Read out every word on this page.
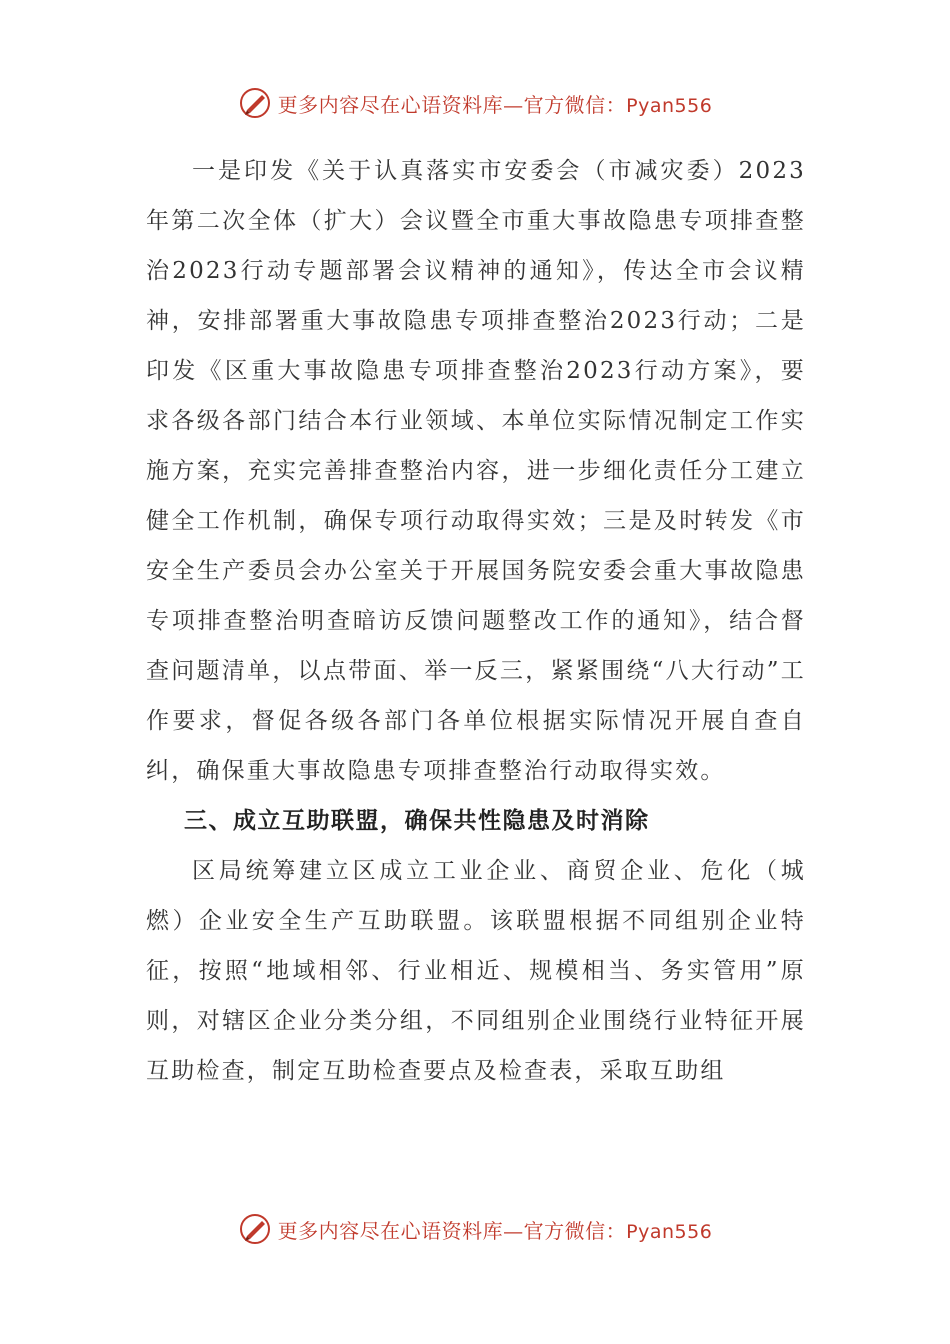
更多内容尽在心语资料库—官方微信：Pyan556

一是印发《关于认真落实市安委会（市减灾委）2023年第二次全体（扩大）会议暨全市重大事故隐患专项排查整治2023行动专题部署会议精神的通知》，传达全市会议精神，安排部署重大事故隐患专项排查整治2023行动；二是印发《区重大事故隐患专项排查整治2023行动方案》，要求各级各部门结合本行业领域、本单位实际情况制定工作实施方案，充实完善排查整治内容，进一步细化责任分工建立健全工作机制，确保专项行动取得实效；三是及时转发《市安全生产委员会办公室关于开展国务院安委会重大事故隐患专项排查整治明查暗访反馈问题整改工作的通知》，结合督查问题清单，以点带面、举一反三，紧紧围绕“八大行动”工作要求，督促各级各部门各单位根据实际情况开展自查自纠，确保重大事故隐患专项排查整治行动取得实效。

三、成立互助联盟，确保共性隐患及时消除

区局统筹建立区成立工业企业、商贸企业、危化（城燃）企业安全生产互助联盟。该联盟根据不同组别企业特征，按照“地域相邻、行业相近、规模相当、务实管用”原则，对辖区企业分类分组，不同组别企业围绕行业特征开展互助检查，制定互助检查要点及检查表，采取互助组

更多内容尽在心语资料库—官方微信：Pyan556
